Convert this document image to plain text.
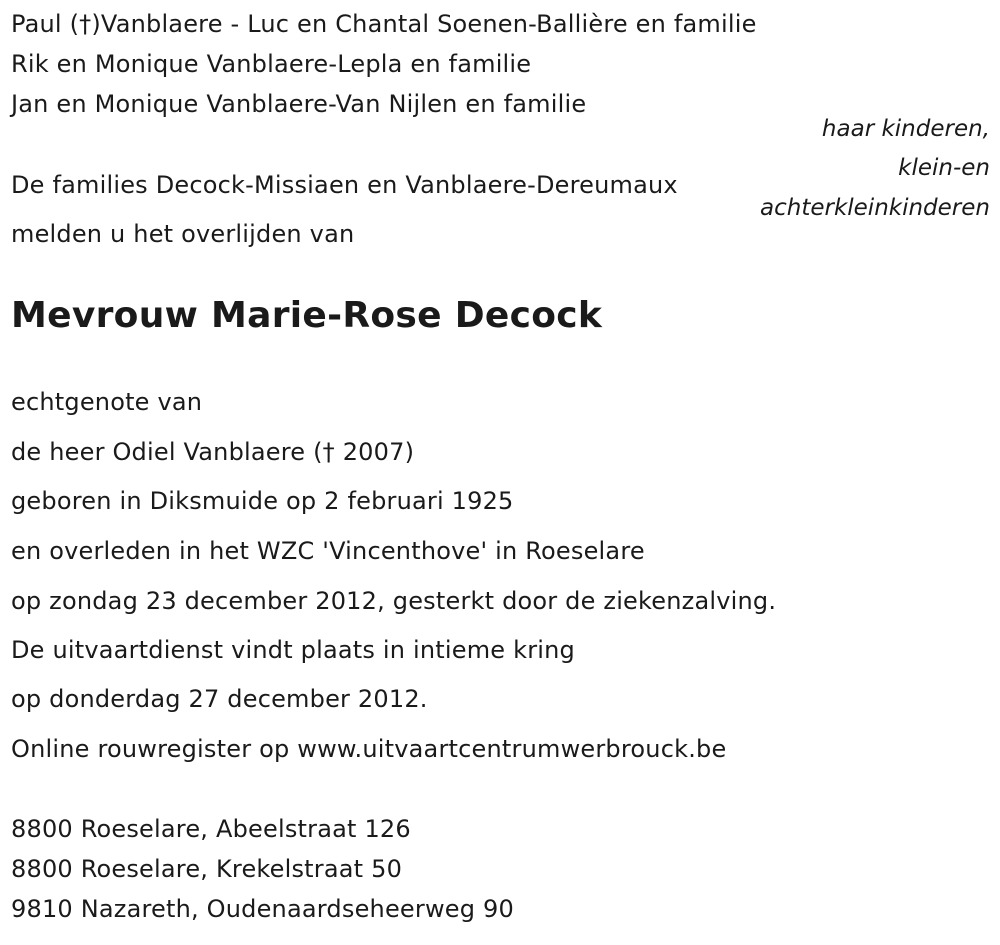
Paul (†)Vanblaere - Luc en Chantal Soenen-Ballière en familie
Rik en Monique Vanblaere-Lepla en familie
Jan en Monique Vanblaere-Van Nijlen en familie
haar kinderen,
klein-en
achterkleinkinderen
De families Decock-Missiaen en Vanblaere-Dereumaux
melden u het overlijden van
Mevrouw Marie-Rose Decock
echtgenote van
de heer Odiel Vanblaere († 2007)
geboren in Diksmuide op 2 februari 1925
en overleden in het WZC 'Vincenthove' in Roeselare
op zondag 23 december 2012, gesterkt door de ziekenzalving.
De uitvaartdienst vindt plaats in intieme kring
op donderdag 27 december 2012.
Online rouwregister op www.uitvaartcentrumwerbrouck.be
8800 Roeselare, Abeelstraat 126
8800 Roeselare, Krekelstraat 50
9810 Nazareth, Oudenaardseheerweg 90
